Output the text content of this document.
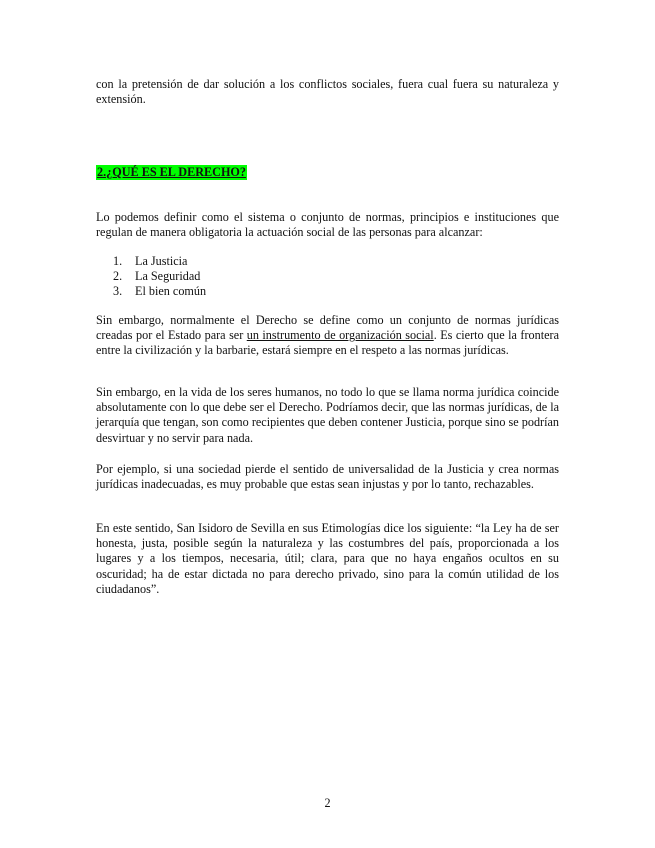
con la pretensión de dar solución a los conflictos sociales, fuera cual fuera su naturaleza y extensión.

2.¿QUÉ ES EL DERECHO?

Lo podemos definir como el sistema o conjunto de normas, principios e instituciones que regulan de manera obligatoria la actuación social de las personas para alcanzar:

1.	La Justicia
2.	La Seguridad
3.	El bien común

Sin embargo, normalmente el Derecho se define como un conjunto de normas jurídicas creadas por el Estado para ser un instrumento de organización social. Es cierto que la frontera entre la civilización y la barbarie, estará siempre en el respeto a las normas jurídicas.

Sin embargo, en la vida de los seres humanos, no todo lo que se llama norma jurídica coincide absolutamente con lo que debe ser el Derecho. Podríamos decir, que las normas jurídicas, de la jerarquía que tengan, son como recipientes que deben contener Justicia, porque sino se podrían desvirtuar y no servir para nada.

Por ejemplo, si una sociedad pierde el sentido de universalidad de la Justicia y crea normas jurídicas inadecuadas, es muy probable que estas sean injustas y por lo tanto, rechazables.

En este sentido, San Isidoro de Sevilla en sus Etimologías dice los siguiente: “la Ley ha de ser honesta, justa, posible según la naturaleza y las costumbres del país, proporcionada a los lugares y a los tiempos, necesaria, útil; clara, para que no haya engaños ocultos en su oscuridad; ha de estar dictada no para derecho privado, sino para la común utilidad de los ciudadanos”.

2
